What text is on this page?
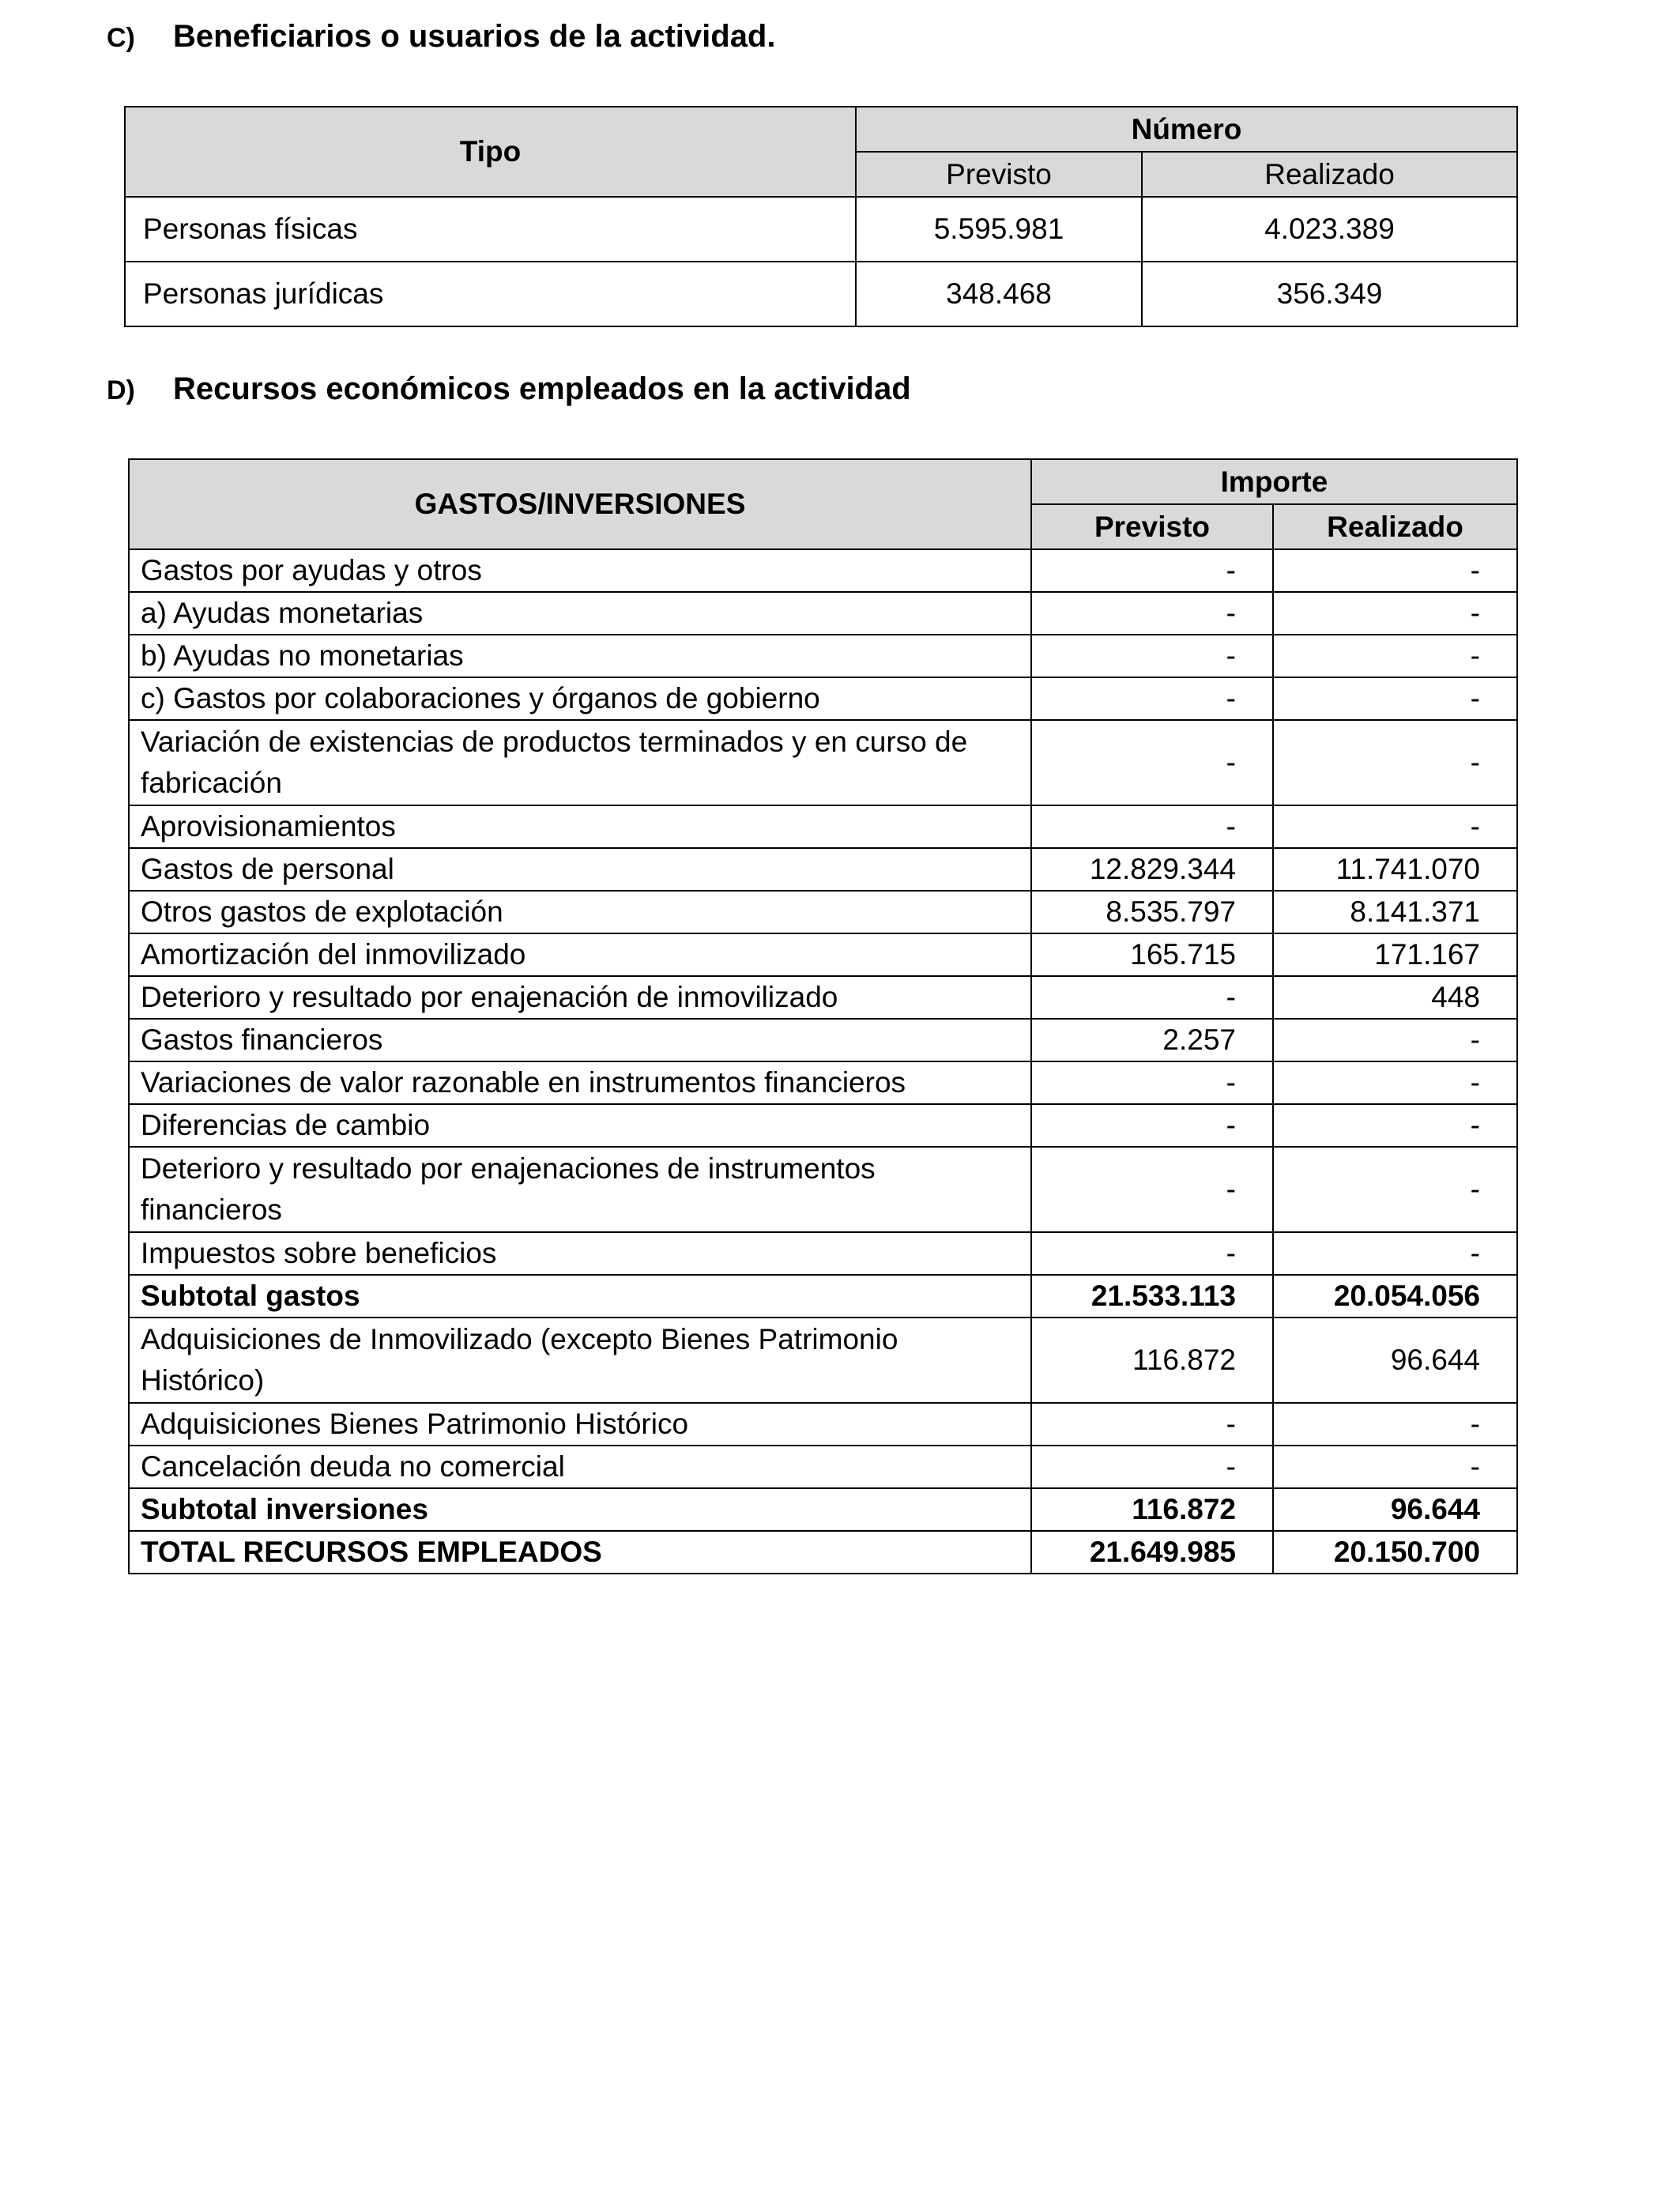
C) Beneficiarios o usuarios de la actividad.
Tipo	Número	
	Previsto	Realizado
Personas físicas	5.595.981	4.023.389
Personas jurídicas	348.468	356.349
D) Recursos económicos empleados en la actividad
GASTOS/INVERSIONES	Importe	
	Previsto	Realizado
Gastos por ayudas y otros	-	-
a) Ayudas monetarias	-	-
b) Ayudas no monetarias	-	-
c) Gastos por colaboraciones y órganos de gobierno	-	-
Variación de existencias de productos terminados y en curso de fabricación	-	-
Aprovisionamientos	-	-
Gastos de personal	12.829.344	11.741.070
Otros gastos de explotación	8.535.797	8.141.371
Amortización del inmovilizado	165.715	171.167
Deterioro y resultado por enajenación de inmovilizado	-	448
Gastos financieros	2.257	-
Variaciones de valor razonable en instrumentos financieros	-	-
Diferencias de cambio	-	-
Deterioro y resultado por enajenaciones de instrumentos financieros	-	-
Impuestos sobre beneficios	-	-
Subtotal gastos	21.533.113	20.054.056
Adquisiciones de Inmovilizado (excepto Bienes Patrimonio Histórico)	116.872	96.644
Adquisiciones Bienes Patrimonio Histórico	-	-
Cancelación deuda no comercial	-	-
Subtotal inversiones	116.872	96.644
TOTAL RECURSOS EMPLEADOS	21.649.985	20.150.700
